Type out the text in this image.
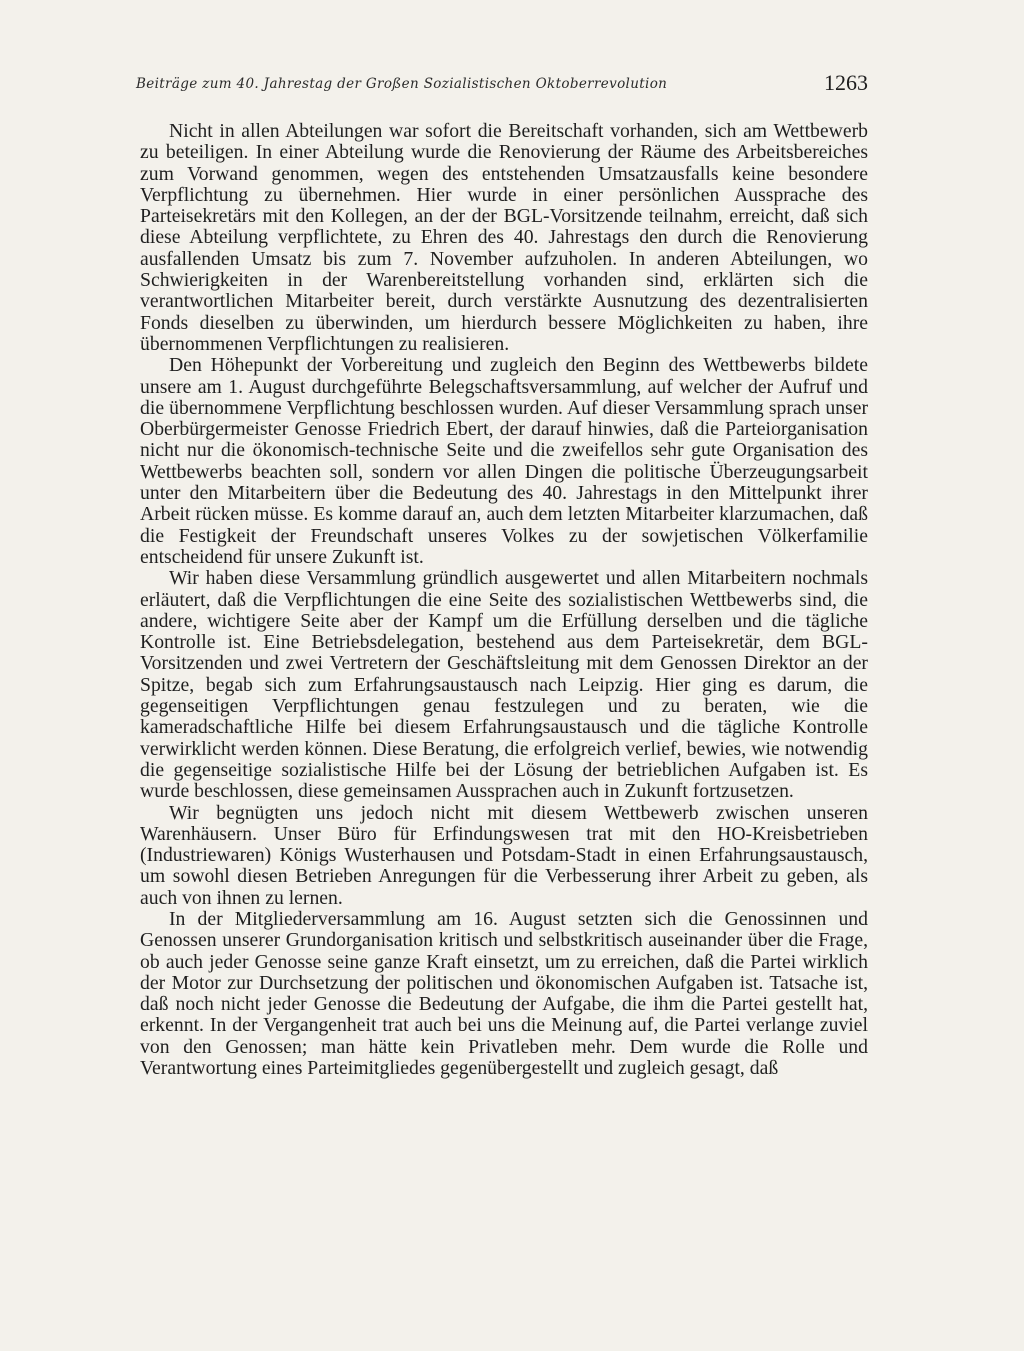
Beiträge zum 40. Jahrestag der Großen Sozialistischen Oktoberrevolution	1263

Nicht in allen Abteilungen war sofort die Bereitschaft vorhanden, sich am Wettbewerb zu beteiligen. In einer Abteilung wurde die Renovierung der Räume des Arbeitsbereiches zum Vorwand genommen, wegen des entstehenden Umsatzausfalls keine besondere Verpflichtung zu übernehmen. Hier wurde in einer persönlichen Aussprache des Parteisekretärs mit den Kollegen, an der der BGL-Vorsitzende teilnahm, erreicht, daß sich diese Abteilung verpflichtete, zu Ehren des 40. Jahrestags den durch die Renovierung ausfallenden Umsatz bis zum 7. November aufzuholen. In anderen Abteilungen, wo Schwierigkeiten in der Warenbereitstellung vorhanden sind, erklärten sich die verantwortlichen Mitarbeiter bereit, durch verstärkte Ausnutzung des dezentralisierten Fonds dieselben zu überwinden, um hierdurch bessere Möglichkeiten zu haben, ihre übernommenen Verpflichtungen zu realisieren.

Den Höhepunkt der Vorbereitung und zugleich den Beginn des Wettbewerbs bildete unsere am 1. August durchgeführte Belegschaftsversammlung, auf welcher der Aufruf und die übernommene Verpflichtung beschlossen wurden. Auf dieser Versammlung sprach unser Oberbürgermeister Genosse Friedrich Ebert, der darauf hinwies, daß die Parteiorganisation nicht nur die ökonomisch-technische Seite und die zweifellos sehr gute Organisation des Wettbewerbs beachten soll, sondern vor allen Dingen die politische Überzeugungsarbeit unter den Mitarbeitern über die Bedeutung des 40. Jahrestags in den Mittelpunkt ihrer Arbeit rücken müsse. Es komme darauf an, auch dem letzten Mitarbeiter klarzumachen, daß die Festigkeit der Freundschaft unseres Volkes zu der sowjetischen Völkerfamilie entscheidend für unsere Zukunft ist.

Wir haben diese Versammlung gründlich ausgewertet und allen Mitarbeitern nochmals erläutert, daß die Verpflichtungen die eine Seite des sozialistischen Wettbewerbs sind, die andere, wichtigere Seite aber der Kampf um die Erfüllung derselben und die tägliche Kontrolle ist. Eine Betriebsdelegation, bestehend aus dem Parteisekretär, dem BGL-Vorsitzenden und zwei Vertretern der Geschäftsleitung mit dem Genossen Direktor an der Spitze, begab sich zum Erfahrungsaustausch nach Leipzig. Hier ging es darum, die gegenseitigen Verpflichtungen genau festzulegen und zu beraten, wie die kameradschaftliche Hilfe bei diesem Erfahrungsaustausch und die tägliche Kontrolle verwirklicht werden können. Diese Beratung, die erfolgreich verlief, bewies, wie notwendig die gegenseitige sozialistische Hilfe bei der Lösung der betrieblichen Aufgaben ist. Es wurde beschlossen, diese gemeinsamen Aussprachen auch in Zukunft fortzusetzen.

Wir begnügten uns jedoch nicht mit diesem Wettbewerb zwischen unseren Warenhäusern. Unser Büro für Erfindungswesen trat mit den HO-Kreisbetrieben (Industriewaren) Königs Wusterhausen und Potsdam-Stadt in einen Erfahrungsaustausch, um sowohl diesen Betrieben Anregungen für die Verbesserung ihrer Arbeit zu geben, als auch von ihnen zu lernen.

In der Mitgliederversammlung am 16. August setzten sich die Genossinnen und Genossen unserer Grundorganisation kritisch und selbstkritisch auseinander über die Frage, ob auch jeder Genosse seine ganze Kraft einsetzt, um zu erreichen, daß die Partei wirklich der Motor zur Durchsetzung der politischen und ökonomischen Aufgaben ist. Tatsache ist, daß noch nicht jeder Genosse die Bedeutung der Aufgabe, die ihm die Partei gestellt hat, erkennt. In der Vergangenheit trat auch bei uns die Meinung auf, die Partei verlange zuviel von den Genossen; man hätte kein Privatleben mehr. Dem wurde die Rolle und Verantwortung eines Parteimitgliedes gegenübergestellt und zugleich gesagt, daß
